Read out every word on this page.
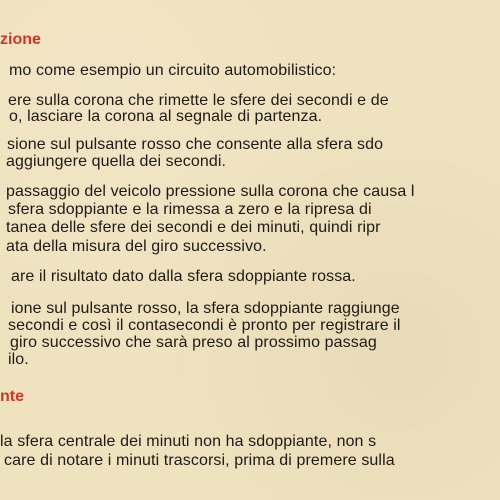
zione
mo come esempio un circuito automobilistico:
ere sulla corona che rimette le sfere dei secondi e de
o, lasciare la corona al segnale di partenza.
sione sul pulsante rosso che consente alla sfera sdo
aggiungere quella dei secondi.
passaggio del veicolo pressione sulla corona che causa l
sfera sdoppiante e la rimessa a zero e la ripresa di
tanea delle sfere dei secondi e dei minuti, quindi ripr
ata della misura del giro successivo.
are il risultato dato dalla sfera sdoppiante rossa.
ione sul pulsante rosso, la sfera sdoppiante raggiunge
secondi e così il contasecondi è pronto per registrare il
giro successivo che sarà preso al prossimo passag
ilo.
nte
la sfera centrale dei minuti non ha sdoppiante, non s
care di notare i minuti trascorsi, prima di premere sulla
